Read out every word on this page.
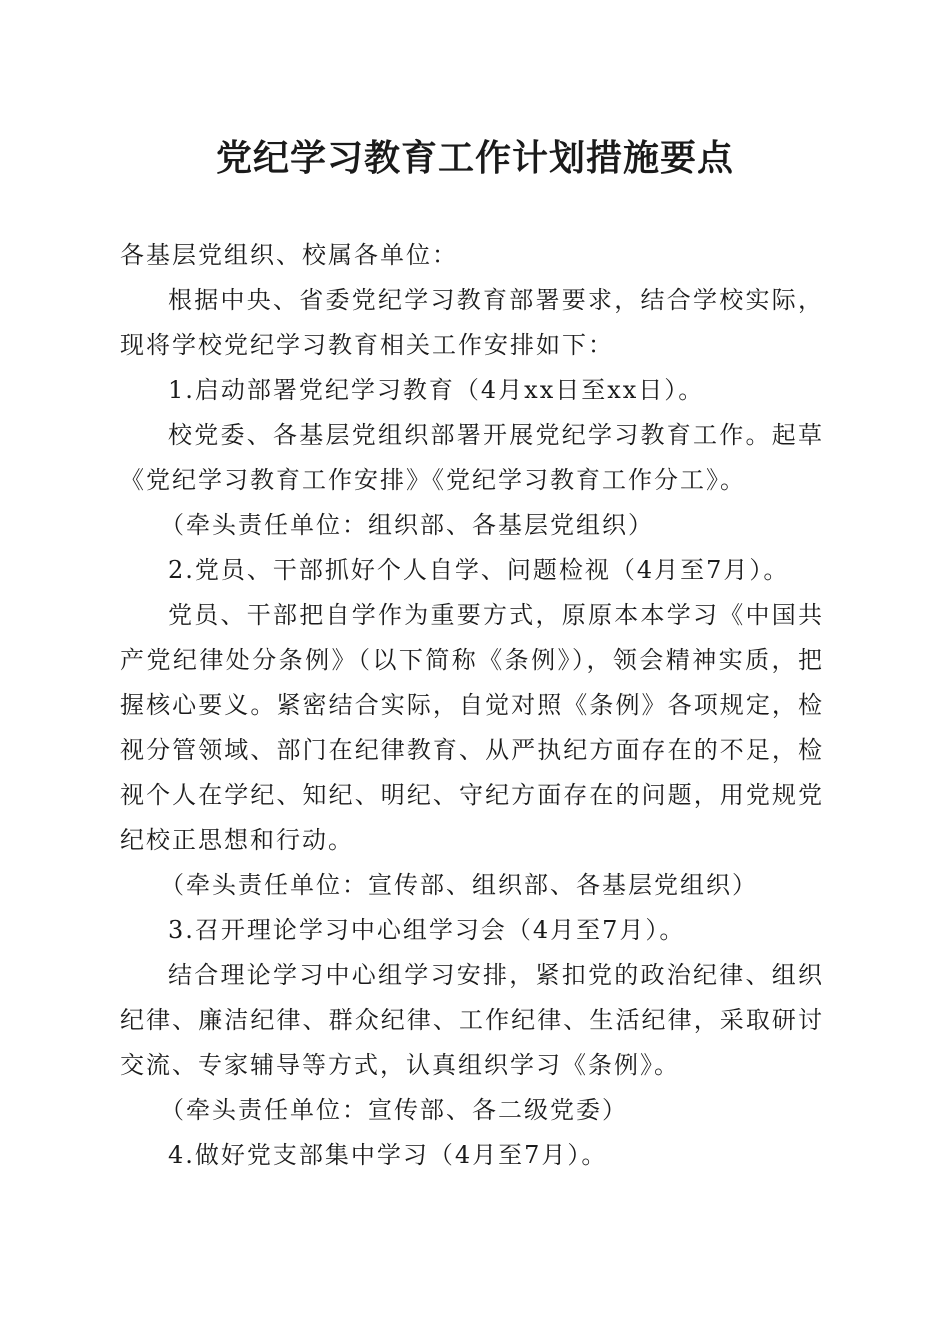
党纪学习教育工作计划措施要点

各基层党组织、校属各单位：

根据中央、省委党纪学习教育部署要求，结合学校实际，现将学校党纪学习教育相关工作安排如下：

1.启动部署党纪学习教育（4月xx日至xx日）。

校党委、各基层党组织部署开展党纪学习教育工作。起草《党纪学习教育工作安排》《党纪学习教育工作分工》。

（牵头责任单位：组织部、各基层党组织）

2.党员、干部抓好个人自学、问题检视（4月至7月）。

党员、干部把自学作为重要方式，原原本本学习《中国共产党纪律处分条例》（以下简称《条例》），领会精神实质，把握核心要义。紧密结合实际，自觉对照《条例》各项规定，检视分管领域、部门在纪律教育、从严执纪方面存在的不足，检视个人在学纪、知纪、明纪、守纪方面存在的问题，用党规党纪校正思想和行动。

（牵头责任单位：宣传部、组织部、各基层党组织）

3.召开理论学习中心组学习会（4月至7月）。

结合理论学习中心组学习安排，紧扣党的政治纪律、组织纪律、廉洁纪律、群众纪律、工作纪律、生活纪律，采取研讨交流、专家辅导等方式，认真组织学习《条例》。

（牵头责任单位：宣传部、各二级党委）

4.做好党支部集中学习（4月至7月）。
